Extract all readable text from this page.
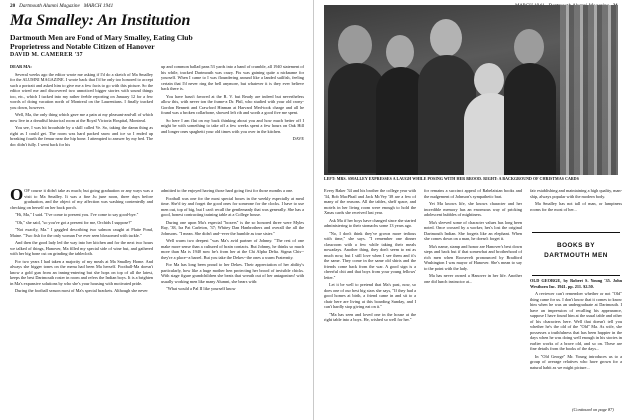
20 Dartmouth Alumni Magazine MARCH 1941
Ma Smalley: An Institution
Dartmouth Men are Fond of Mary Smalley, Eating Club Proprietress and Notable Citizen of Hanover
DAVID M. CAMERER '37

DEAR MA:

Several weeks ago the editor wrote me asking if I'd do a sketch of Ma Smalley for the ALUMNI MAGAZINE. I wrote back that I'd be only too honored to accept such a portrait and asked him to give me a few facts to go with this picture. So the editor wired me and discovered two unnoticed bigger stories with sound things too, etc., which I tucked into my rather feeble reporting on January 12 for a few words of doing vacation north of Montreal on the Laurentians. I finally tracked you down, however.

Well, Ma, the only thing which gave me a pain at my pleasant-and-all of which now live in a dreadful historical room at the Royal Victoria Hospital, Montreal.

You see, I was hit broadside by a skill called Ve. So, taking the damn thing as right as I could get. The room was hard packed snow and ice so I ended up breaking fourth the femur near the hip bone. I attempted to answer by my bed. The doc didn't fully. I went back for his

up and common ballad pans 53 yards into a band of crumble, all 1940 statement of his while, tracked Dartmouth was crazy. Fix was gaining quite a nickname for yourself. When I came to I was floundering around like a landed sailfish, feeling certain that I'd never ring the bell anymore, but whatever it is they ever believe back there is.

You have hasn't favored at the R. V. but Ready are indeed but nevertheless allow this, with never ton the frame-a Dr. Phil, who studied with your old crony-Gordon Bennett and Crawford Hinman at Harvard Med-took charge and all he found was a broken collarbone, showed left rib and worth a good five me spent.

So here I am flat on my back thinking about you and how much better off I might be with something to take off a few weeks spent a few hours on Oak Hill and longer ones spaghetti your old times with you over in the kitchen.

DAVE

OOF course it didn't take as much; but going graduation or any ways was a visit to Ma Smalley. It was a fine Ju june noon, three days before graduation, and the object of my affection was washing contentedly and checking on herself on her back porch.

"Hi, Ma," I said. "I've come to present you. I've come to say good-bye."

"Oh," she said, "so you've got a present for me, Orchids I suppose?"

"Not exactly, Ma." I gaggled describing two salmon caught at Platte Pond, Maine. "Two fish for the only woman I've ever seen blossomed with tackle."

And then the good lady led the way into her kitchen and for the next two hours we talked of things, Hanover, Ma filled my special side of wine but, and gathered with her big bone cut on grinding the tablecloth.

For two years I had taken a majority of my meals at Ma Smalley Home. And always she bigger tones on the menu had been Ma herself. Football-Ma doesn't know a gold gun from an inning-entering but she hops on top of all the latest, keeps the best Dartmouth roster in room and refers the Indian boys. It is a brighten in Ma's expansive solutions by who she's your housing with motivated pride.

During the football season most of Ma's special brackets. Although she never

admitted to the enjoyed having those hard going first for those months a one.

Football was one for the most special boxes in the weekly especially at meal time. She'd try and forget the good ones for someone for the clocks. I have to use men out, top of big, but I can't recall the gentlemanly that was generally. She has a good, honest contracting training table at a College house.

During one upon Ma's especial "boxers" is the so honored three were Myles Ray, '38, Ira Pat Carleton, '37; Whitey Dan Hanbrothers and overall the all the Johnsons. "I mean. She didn't and--ever the humble as true sister."

Well warm two deepest "was Ma's avid partner of Johnny. "The rest of one make more sense than a cultured of brain contacts. But Johnny, he thinks so much more than Ma is 1940 now he's from her at the Chi Alpha Delta. Sigma Chis--they're a place--a barrel. But you take the Dekes--the ones a warm Fraternity.

For Ma has long been proud to her Dekes. Their appreciation of her ability's particularly, how like a huge mother hen protecting her brood of invisible chicks. With stage figure grandchildren she beats that wreath out of her antagonism! with usually working men like many Alumni, she bears with:

"What would a Pal II like yourself know

LEFT: MRS. SMALLEY EXPRESSES A LAUGH WHILE POSING WITH HER BROOD. RIGHT: A BACKGROUND OF CHRISTMAS CARDS

Every Baker '34 and his brother the college year with '34, Bob MacPhail and Jack McVey '38 are a few of many of the reasons. All the tables, shelf space, and motels in her living room were enough to hold the Xmas cards she received last year.

Ask Ma if her boys have changed since she started administering to their stomachs some 13 years ago.

"No, I don't think they've grown more tedious with time," she says. "I remember one dinner classroom with a few while taking their meals nowadays. Another thing, they don't seem to eat as much now, but I still love when I see them and it's the same. They come in the same old shirts and the friends come back from the war. A good sign is a cheerful chit and that boys from your young fellows' letter."

Let it be well to pretend that Ma's past, now, so does one of our best big stars she says, "If they had a good homes at birth, a friend came in and sit to a chair here are living at this boarding Sunday, and I can't hardly stop giving eat on it."

"Ma has seen and loved one in the house at the right table into a boys. He, wished so well for her."

for remains a succinct appeal of Rabelaisian books and the nudgement of Johnson's sympathetic brat.

Yet Ma knows life, she knows character and her incredible memory has an enormous way of pricking adolescent bubbles of mightiness.

Ma's sleeved some of character values has long been noted. Once crossed by a worker, hes's lost the original Dartmouth Indian. She forgets like an elephant. When she comes down on a man, he doesn't forget it.

Ma's name, stamp and honor are Hanover's best down steps and back but if that somewhat and brotherhood of rich men when Roosevelt pronounced by Bradford Washington I was mayor of Hanover. She's mean to say to the point with the lady.

Ma has never owned a Hanover in her life. Another one did lunch instructor at...

fair establishing and maintaining a high quality, man-ship, always popular with the modern body.

Ma Smalley has not tall of man, or lumpiness rooms for the most of her...

BOOKS BY
DARTMOUTH MEN

OLD GEORGE, by Robert S. Young '35. John Westhorn Inc. 1941. pp. 211. $2.50.

A reviewer can't remember whether or not "Old" thing came for us. I don't know that it comes to know him when he was an undergraduate at Dartmouth. I have an impression of recalling his appearance, suppose I have found him at the usual table and other of his characters here. Well that doesn't tell you whether he's the old of the "Old" Ma. As wife, she possesses a truthfulness that has been happier in the days when he was doing well enough in his stories in earlier works of a brave old, and so on. These are fine details from the books of the days...

In "Old George" Mr. Young introduces us to a group of average relatives who have grown for a natural habit as we might picture...

(Continued on page 87)
